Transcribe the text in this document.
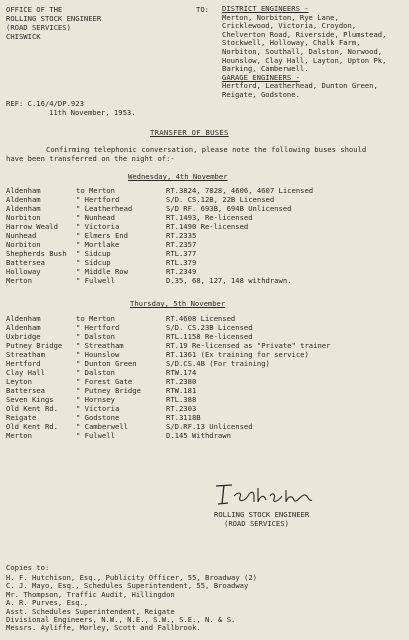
OFFICE OF THE
ROLLING STOCK ENGINEER
(ROAD SERVICES)
CHISWICK
TO: DISTRICT ENGINEERS -
Merton, Norbiton, Rye Lane,
Cricklewood, Victoria, Croydon,
Chelverton Road, Riverside, Plumstead,
Stockwell, Holloway, Chalk Farm,
Norbiton, Southall, Dalston, Norwood,
Hounslow, Clay Hall, Layton, Upton Pk,
Barking, Camberwell.
GARAGE ENGINEERS -
Hertford, Leatherhead, Dunton Green,
Reigate, Godstone.
REF: C.16/4/DP.923
11th November, 1953.
TRANSFER OF BUSES
Confirming telephonic conversation, please note the following buses should
have been transferred on the night of:-
Wednesday, 4th November
Aldenham	to Merton	RT.3824, 7828, 4606, 4607 Licensed
Aldenham	" Hertford	S/D. CS.12B, 22B Licensed
Aldenham	" Leatherhead	S/D RF. 693B, 694B Unlicensed
Norbiton	" Nunhead	RT.1493, Re-licensed
Harrow Weald	" Victoria	RT.1490 Re-licensed
Nunhead	" Elmers End	RT.2335
Norbiton	" Mortlake	RT.2357
Shepherds Bush " Sidcup	RTL.377
Battersea	" Sidcup	RTL.379
Holloway	" Middle Row	RT.2349
Merton	" Fulwell	D.35, 68, 127, 148 withdrawn.
Thursday, 5th November
Aldenham	to Merton	RT.4608 Licensed
Aldenham	" Hertford	S/D. CS.23B Licensed
Uxbridge	" Dalston	RTL.1158 Re-licensed
Putney Bridge " Streatham	RT.19 Re-licensed as "Private" trainer
Streatham	" Hounslow	RT.1361 (Ex training for service)
Hertford	" Dunton Green	S/D.CS.4B (For training)
Clay Hall	" Dalston	RTW.174
Leyton	" Forest Gate	RT.2380
Battersea	" Putney Bridge	RTW.181
Seven Kings	" Hornsey	RTL.388
Old Kent Rd.	" Victoria	RT.2303
Reigate	" Godstone	RT.3118B
Old Kent Rd.	" Camberwell	S/D.RF.13 Unlicensed
Merton	" Fulwell	D.145 Withdrawn
ROLLING STOCK ENGINEER
(ROAD SERVICES)
Copies to:
H. F. Hutchison, Esq., Publicity Officer, 55, Broadway (2)
C. J. Mayo, Esq., Schedules Superintendent, 55, Broadway
Mr. Thompson, Traffic Audit, Hillingdon
A. R. Purves, Esq.,
Asst. Schedules Superintendent, Reigate
Divisional Engineers, N.W., N.E., S.W., S.E., N. & S.
Messrs. Ayliffe, Morley, Scott and Fallbrook.
